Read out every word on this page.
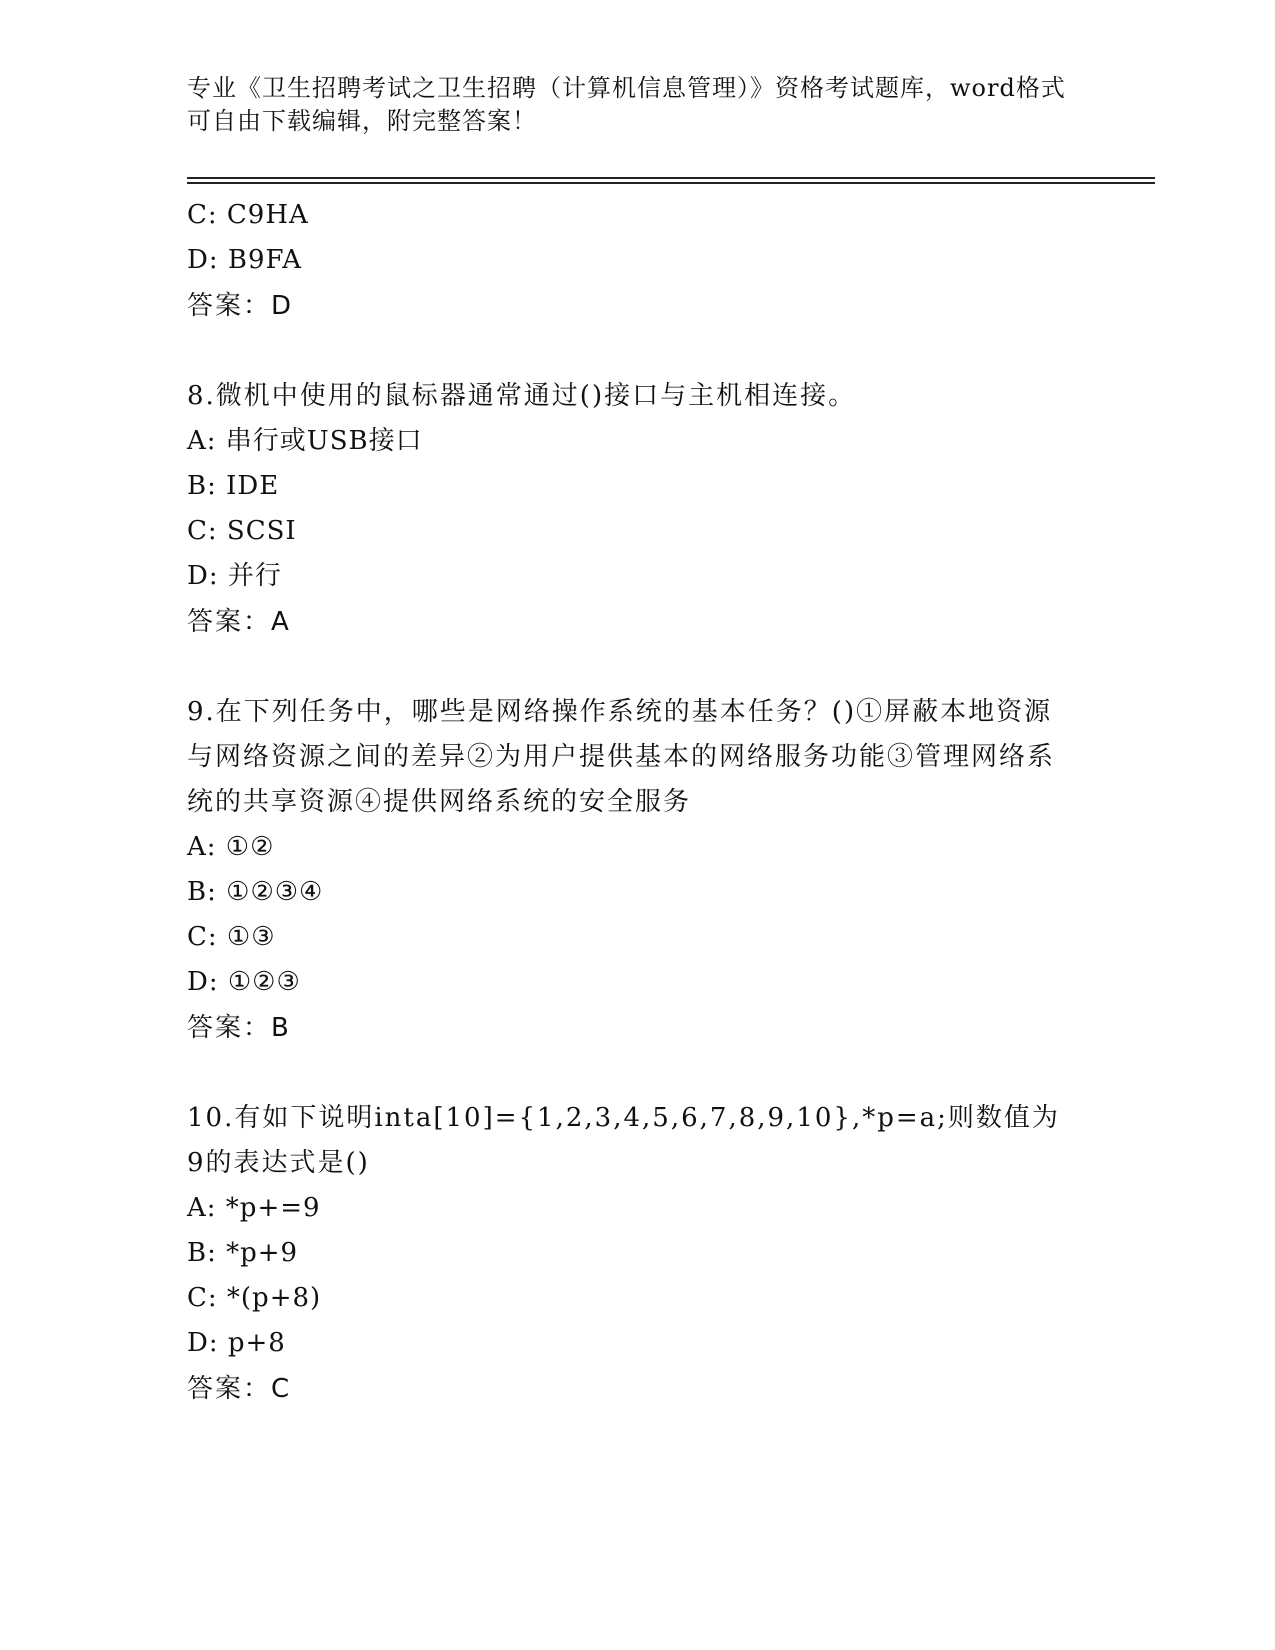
专业《卫生招聘考试之卫生招聘（计算机信息管理）》资格考试题库，word格式可自由下载编辑，附完整答案！
C: C9HA
D: B9FA
答案：D
8.微机中使用的鼠标器通常通过()接口与主机相连接。
A: 串行或USB接口
B: IDE
C: SCSI
D: 并行
答案：A
9.在下列任务中，哪些是网络操作系统的基本任务？()①屏蔽本地资源与网络资源之间的差异②为用户提供基本的网络服务功能③管理网络系统的共享资源④提供网络系统的安全服务
A: ①②
B: ①②③④
C: ①③
D: ①②③
答案：B
10.有如下说明inta[10]={1,2,3,4,5,6,7,8,9,10},*p=a;则数值为9的表达式是()
A: *p+=9
B: *p+9
C: *(p+8)
D: p+8
答案：C
